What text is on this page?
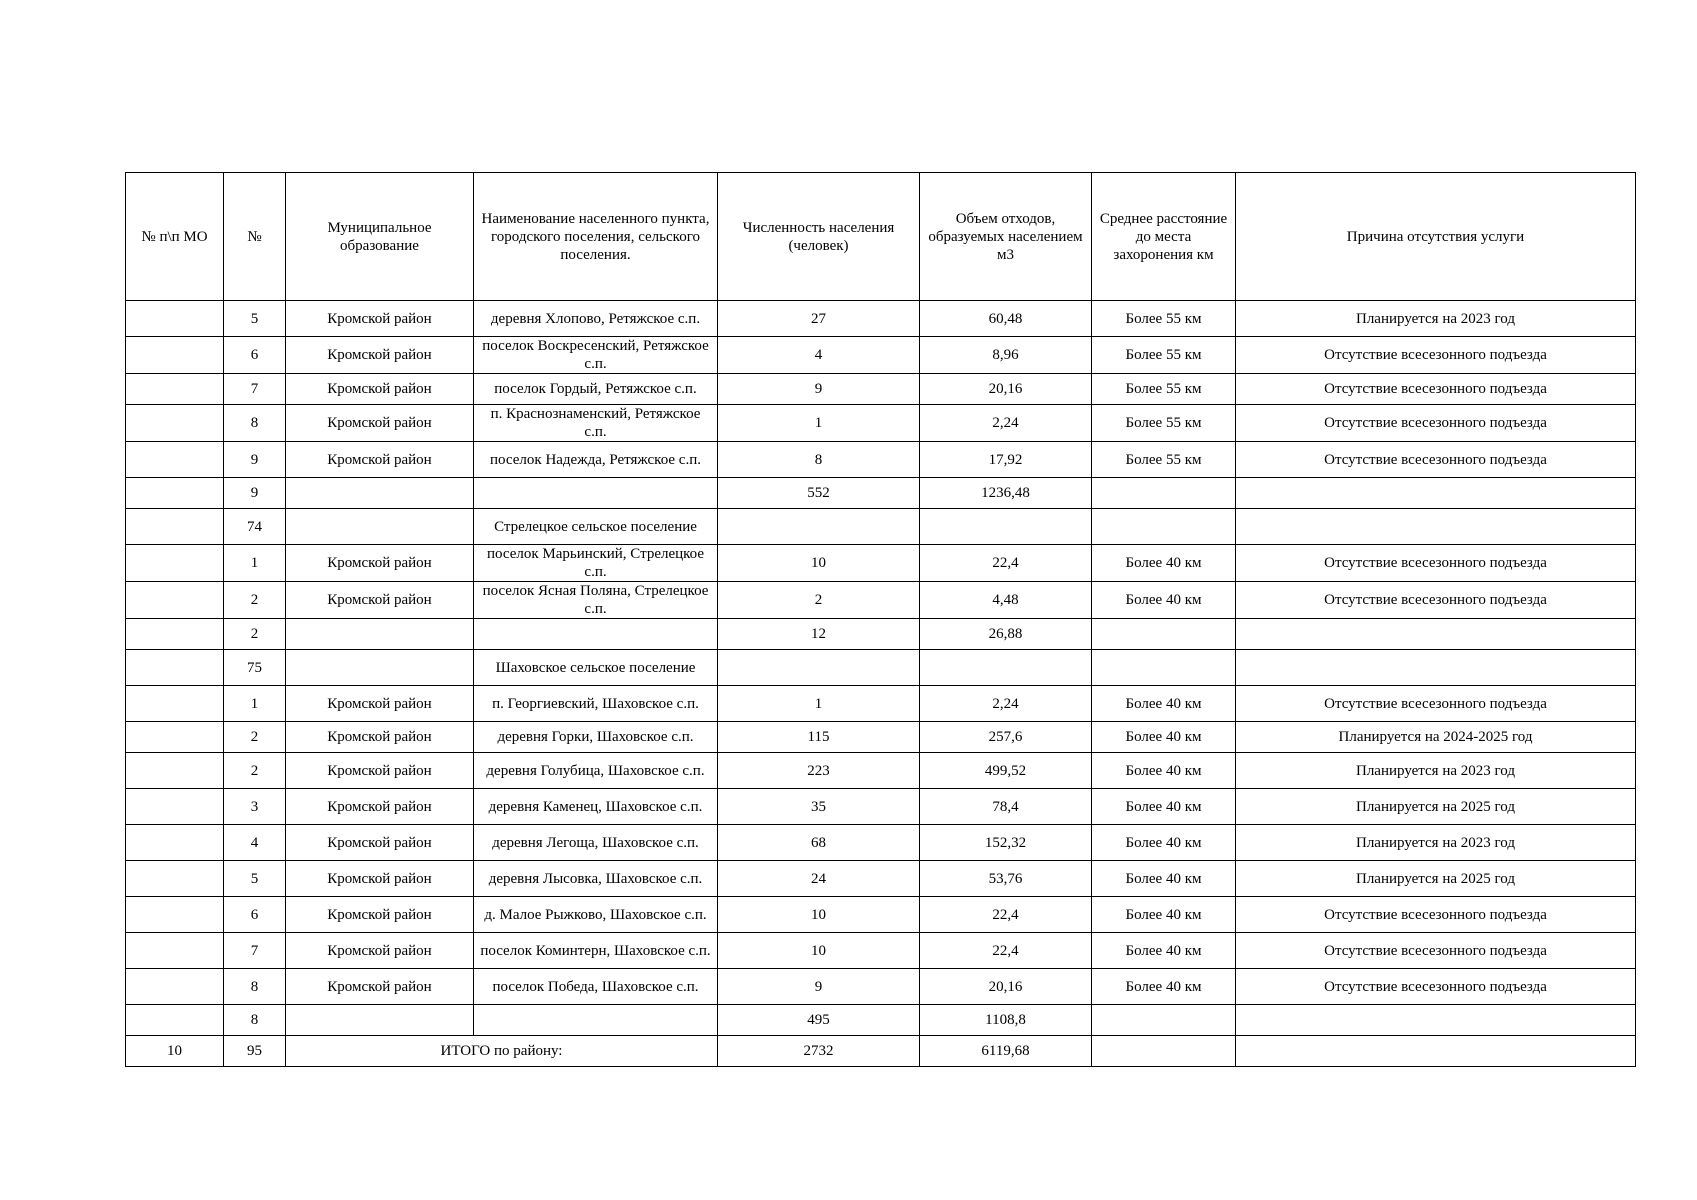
№ п\п МО	№	Муниципальное образование	Наименование населенного пункта, городского поселения, сельского поселения.	Численность населения (человек)	Объем отходов, образуемых населением м3	Среднее расстояние до места захоронения км	Причина отсутствия услуги
	5	Кромской район	деревня Хлопово, Ретяжское с.п.	27	60,48	Более 55 км	Планируется на 2023 год
	6	Кромской район	поселок Воскресенский, Ретяжское с.п.	4	8,96	Более 55 км	Отсутствие всесезонного подъезда
	7	Кромской район	поселок Гордый, Ретяжское с.п.	9	20,16	Более 55 км	Отсутствие всесезонного подъезда
	8	Кромской район	п. Краснознаменский, Ретяжское с.п.	1	2,24	Более 55 км	Отсутствие всесезонного подъезда
	9	Кромской район	поселок Надежда, Ретяжское с.п.	8	17,92	Более 55 км	Отсутствие всесезонного подъезда
	9			552	1236,48		
	74		Стрелецкое сельское поселение				
	1	Кромской район	поселок Марьинский, Стрелецкое с.п.	10	22,4	Более 40 км	Отсутствие всесезонного подъезда
	2	Кромской район	поселок Ясная Поляна, Стрелецкое с.п.	2	4,48	Более 40 км	Отсутствие всесезонного подъезда
	2			12	26,88		
	75		Шаховское сельское поселение				
	1	Кромской район	п. Георгиевский, Шаховское с.п.	1	2,24	Более 40 км	Отсутствие всесезонного подъезда
	2	Кромской район	деревня Горки, Шаховское с.п.	115	257,6	Более 40 км	Планируется на 2024-2025 год
	2	Кромской район	деревня Голубица, Шаховское с.п.	223	499,52	Более 40 км	Планируется на 2023 год
	3	Кромской район	деревня Каменец, Шаховское с.п.	35	78,4	Более 40 км	Планируется на 2025 год
	4	Кромской район	деревня Легоща, Шаховское с.п.	68	152,32	Более 40 км	Планируется на 2023 год
	5	Кромской район	деревня Лысовка, Шаховское с.п.	24	53,76	Более 40 км	Планируется на 2025 год
	6	Кромской район	д. Малое Рыжково, Шаховское с.п.	10	22,4	Более 40 км	Отсутствие всесезонного подъезда
	7	Кромской район	поселок Коминтерн, Шаховское с.п.	10	22,4	Более 40 км	Отсутствие всесезонного подъезда
	8	Кромской район	поселок Победа, Шаховское с.п.	9	20,16	Более 40 км	Отсутствие всесезонного подъезда
	8			495	1108,8		
10	95	ИТОГО по району:		2732	6119,68		
